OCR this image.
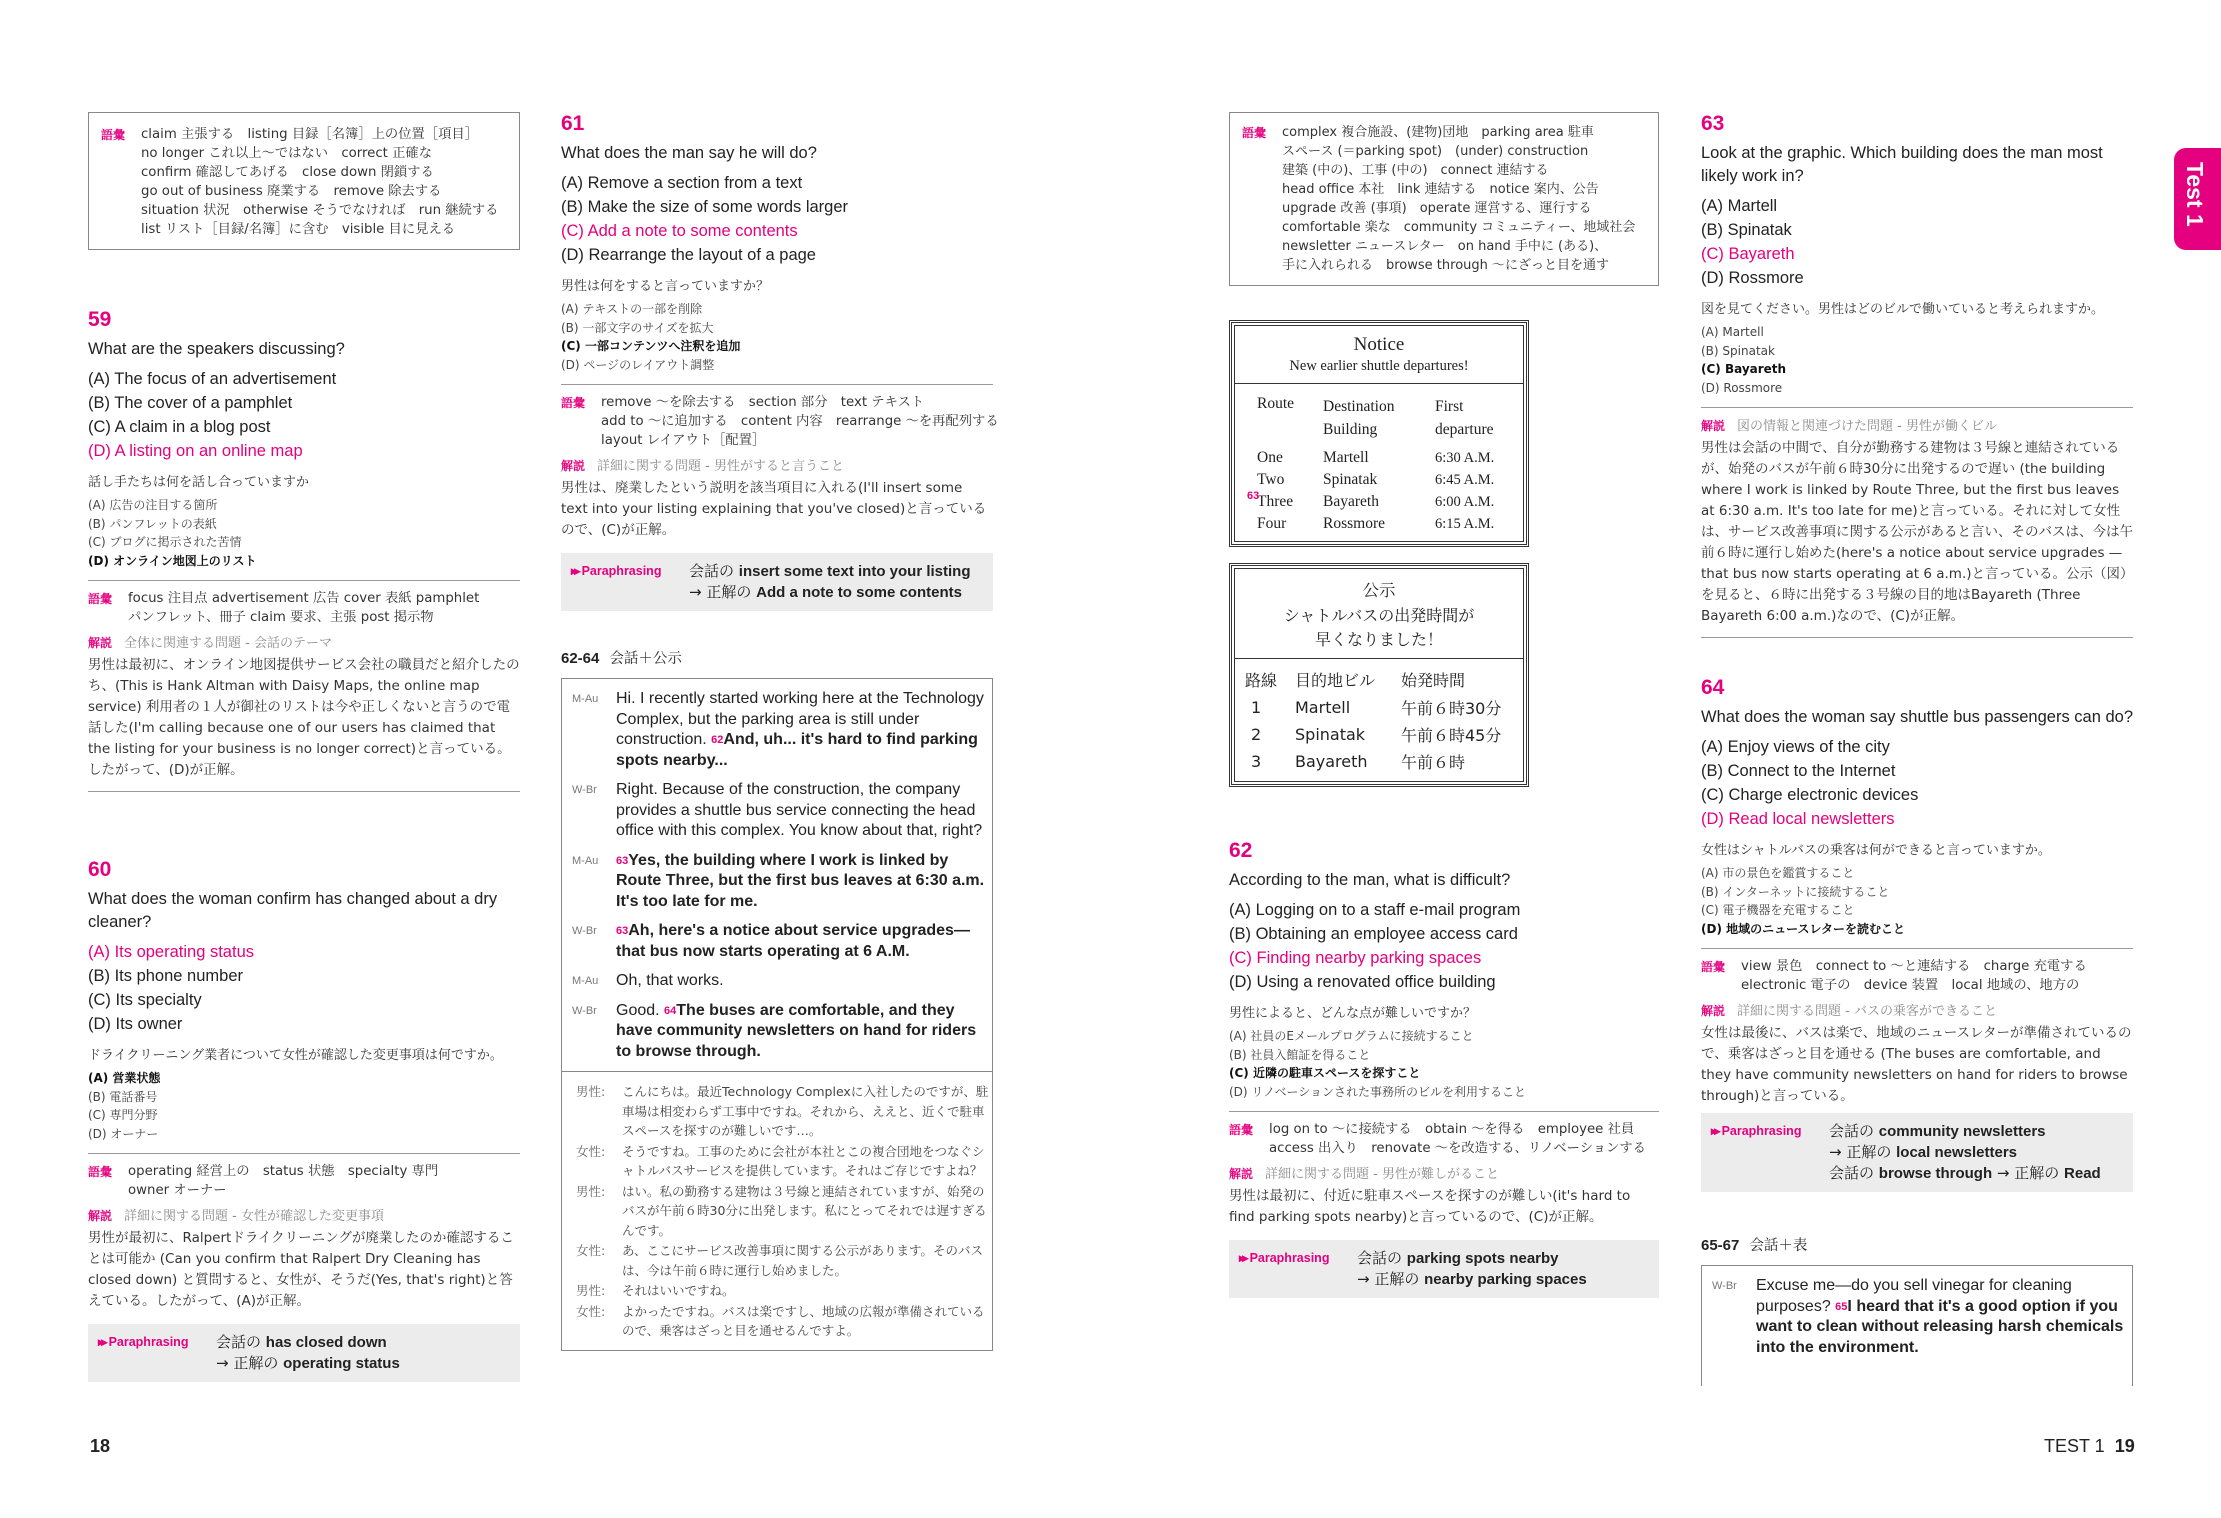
語彙	claim 主張する　listing 目録［名簿］上の位置［項目］
no longer これ以上〜ではない　correct 正確な
confirm 確認してあげる　close down 閉鎖する
go out of business 廃業する　remove 除去する
situation 状況　otherwise そうでなければ　run 継続する
list リスト［目録/名簿］に含む　visible 目に見える
59
What are the speakers discussing?
(A) The focus of an advertisement
(B) The cover of a pamphlet
(C) A claim in a blog post
(D) A listing on an online map
話し手たちは何を話し合っていますか
(A) 広告の注目する箇所
(B) パンフレットの表紙
(C) ブログに掲示された苦情
(D) オンライン地図上のリスト
語彙	focus 注目点 advertisement 広告 cover 表紙 pamphlet
パンフレット、冊子 claim 要求、主張 post 掲示物
解説 全体に関連する問題 - 会話のテーマ
男性は最初に、オンライン地図提供サービス会社の職員だと紹介したのち、(This is Hank Altman with Daisy Maps, the online map service) 利用者の１人が御社のリストは今や正しくないと言うので電話した(I'm calling because one of our users has claimed that the listing for your business is no longer correct)と言っている。したがって、(D)が正解。
60
What does the woman confirm has changed about a dry cleaner?
(A) Its operating status
(B) Its phone number
(C) Its specialty
(D) Its owner
ドライクリーニング業者について女性が確認した変更事項は何ですか。
(A) 営業状態
(B) 電話番号
(C) 専門分野
(D) オーナー
語彙	operating 経営上の　status 状態　specialty 専門
owner オーナー
解説 詳細に関する問題 - 女性が確認した変更事項
男性が最初に、Ralpertドライクリーニングが廃業したのか確認することは可能か (Can you confirm that Ralpert Dry Cleaning has closed down) と質問すると、女性が、そうだ(Yes, that's right)と答えている。したがって、(A)が正解。
▸▸ Paraphrasing	会話の has closed down
→ 正解の operating status
61
What does the man say he will do?
(A) Remove a section from a text
(B) Make the size of some words larger
(C) Add a note to some contents
(D) Rearrange the layout of a page
男性は何をすると言っていますか？
(A) テキストの一部を削除
(B) 一部文字のサイズを拡大
(C) 一部コンテンツへ注釈を追加
(D) ページのレイアウト調整
語彙	remove 〜を除去する　section 部分　text テキスト
add to 〜に追加する　content 内容　rearrange 〜を再配列する
layout レイアウト［配置］
解説 詳細に関する問題 - 男性がすると言うこと
男性は、廃業したという説明を該当項目に入れる(I'll insert some text into your listing explaining that you've closed)と言っているので、(C)が正解。
▸▸ Paraphrasing	会話の insert some text into your listing
→ 正解の Add a note to some contents
62-64 会話＋公示
M-Au	Hi. I recently started working here at the Technology Complex, but the parking area is still under construction. $^{62}$And, uh... it's hard to find parking spots nearby...
W-Br	Right. Because of the construction, the company provides a shuttle bus service connecting the head office with this complex. You know about that, right?
M-Au	$^{63}$Yes, the building where I work is linked by Route Three, but the first bus leaves at 6:30 a.m. It's too late for me.
W-Br	$^{63}$Ah, here's a notice about service upgrades—that bus now starts operating at 6 A.M.
M-Au	Oh, that works.
W-Br	Good. $^{64}$The buses are comfortable, and they have community newsletters on hand for riders to browse through.
男性:	こんにちは。最近Technology Complexに入社したのですが、駐車場は相変わらず工事中ですね。それから、ええと、近くで駐車スペースを探すのが難しいです…。
女性:	そうですね。工事のために会社が本社とこの複合団地をつなぐシャトルバスサービスを提供しています。それはご存じですよね？
男性:	はい。私の勤務する建物は３号線と連結されていますが、始発のバスが午前６時30分に出発します。私にとってそれでは遅すぎるんです。
女性:	あ、ここにサービス改善事項に関する公示があります。そのバスは、今は午前６時に運行し始めました。
男性:	それはいいですね。
女性:	よかったですね。バスは楽ですし、地域の広報が準備されているので、乗客はざっと目を通せるんですよ。
語彙	complex 複合施設、(建物)団地　parking area 駐車
スペース (＝parking spot)　(under) construction
建築 (中の)、工事 (中の)　connect 連結する
head office 本社　link 連結する　notice 案内、公告
upgrade 改善 (事項)　operate 運営する、運行する
comfortable 楽な　community コミュニティー、地域社会
newsletter ニュースレター　on hand 手中に (ある)、
手に入れられる　browse through 〜にざっと目を通す
Notice
New earlier shuttle departures!
Route	Destination Building	First departure
One	Martell	6:30 A.M.
Two	Spinatak	6:45 A.M.

63
Three	Bayareth	6:00 A.M.
Four	Rossmore	6:15 A.M.
公示
シャトルバスの出発時間が
早くなりました！
路線	目的地ビル	始発時間
1	Martell	午前６時30分
2	Spinatak	午前６時45分
3	Bayareth	午前６時
62
According to the man, what is difficult?
(A) Logging on to a staff e-mail program
(B) Obtaining an employee access card
(C) Finding nearby parking spaces
(D) Using a renovated office building
男性によると、どんな点が難しいですか？
(A) 社員のEメールプログラムに接続すること
(B) 社員入館証を得ること
(C) 近隣の駐車スペースを探すこと
(D) リノベーションされた事務所のビルを利用すること
語彙	log on to 〜に接続する　obtain 〜を得る　employee 社員
access 出入り　renovate 〜を改造する、リノベーションする
解説 詳細に関する問題 - 男性が難しがること
男性は最初に、付近に駐車スペースを探すのが難しい(it's hard to find parking spots nearby)と言っているので、(C)が正解。
▸▸ Paraphrasing	会話の parking spots nearby
→ 正解の nearby parking spaces
63
Look at the graphic. Which building does the man most likely work in?
(A) Martell
(B) Spinatak
(C) Bayareth
(D) Rossmore
図を見てください。男性はどのビルで働いていると考えられますか。
(A) Martell
(B) Spinatak
(C) Bayareth
(D) Rossmore
解説 図の情報と関連づけた問題 - 男性が働くビル
男性は会話の中間で、自分が勤務する建物は３号線と連結されているが、始発のバスが午前６時30分に出発するので遅い (the building where I work is linked by Route Three, but the first bus leaves at 6:30 a.m. It's too late for me)と言っている。それに対して女性は、サービス改善事項に関する公示があると言い、そのバスは、今は午前６時に運行し始めた(here's a notice about service upgrades — that bus now starts operating at 6 a.m.)と言っている。公示（図）を見ると、６時に出発する３号線の目的地はBayareth (Three Bayareth 6:00 a.m.)なので、(C)が正解。
64
What does the woman say shuttle bus passengers can do?
(A) Enjoy views of the city
(B) Connect to the Internet
(C) Charge electronic devices
(D) Read local newsletters
女性はシャトルバスの乗客は何ができると言っていますか。
(A) 市の景色を鑑賞すること
(B) インターネットに接続すること
(C) 電子機器を充電すること
(D) 地域のニュースレターを読むこと
語彙	view 景色　connect to 〜と連結する　charge 充電する
electronic 電子の　device 装置　local 地域の、地方の
解説 詳細に関する問題 - バスの乗客ができること
女性は最後に、バスは楽で、地域のニュースレターが準備されているので、乗客はざっと目を通せる (The buses are comfortable, and they have community newsletters on hand for riders to browse through)と言っている。
▸▸ Paraphrasing	会話の community newsletters
→ 正解の local newsletters
会話の browse through → 正解の Read
65-67 会話＋表
W-Br	Excuse me—do you sell vinegar for cleaning purposes? $^{65}$I heard that it's a good option if you want to clean without releasing harsh chemicals into the environment.
18	TEST 1 19
Test 1
